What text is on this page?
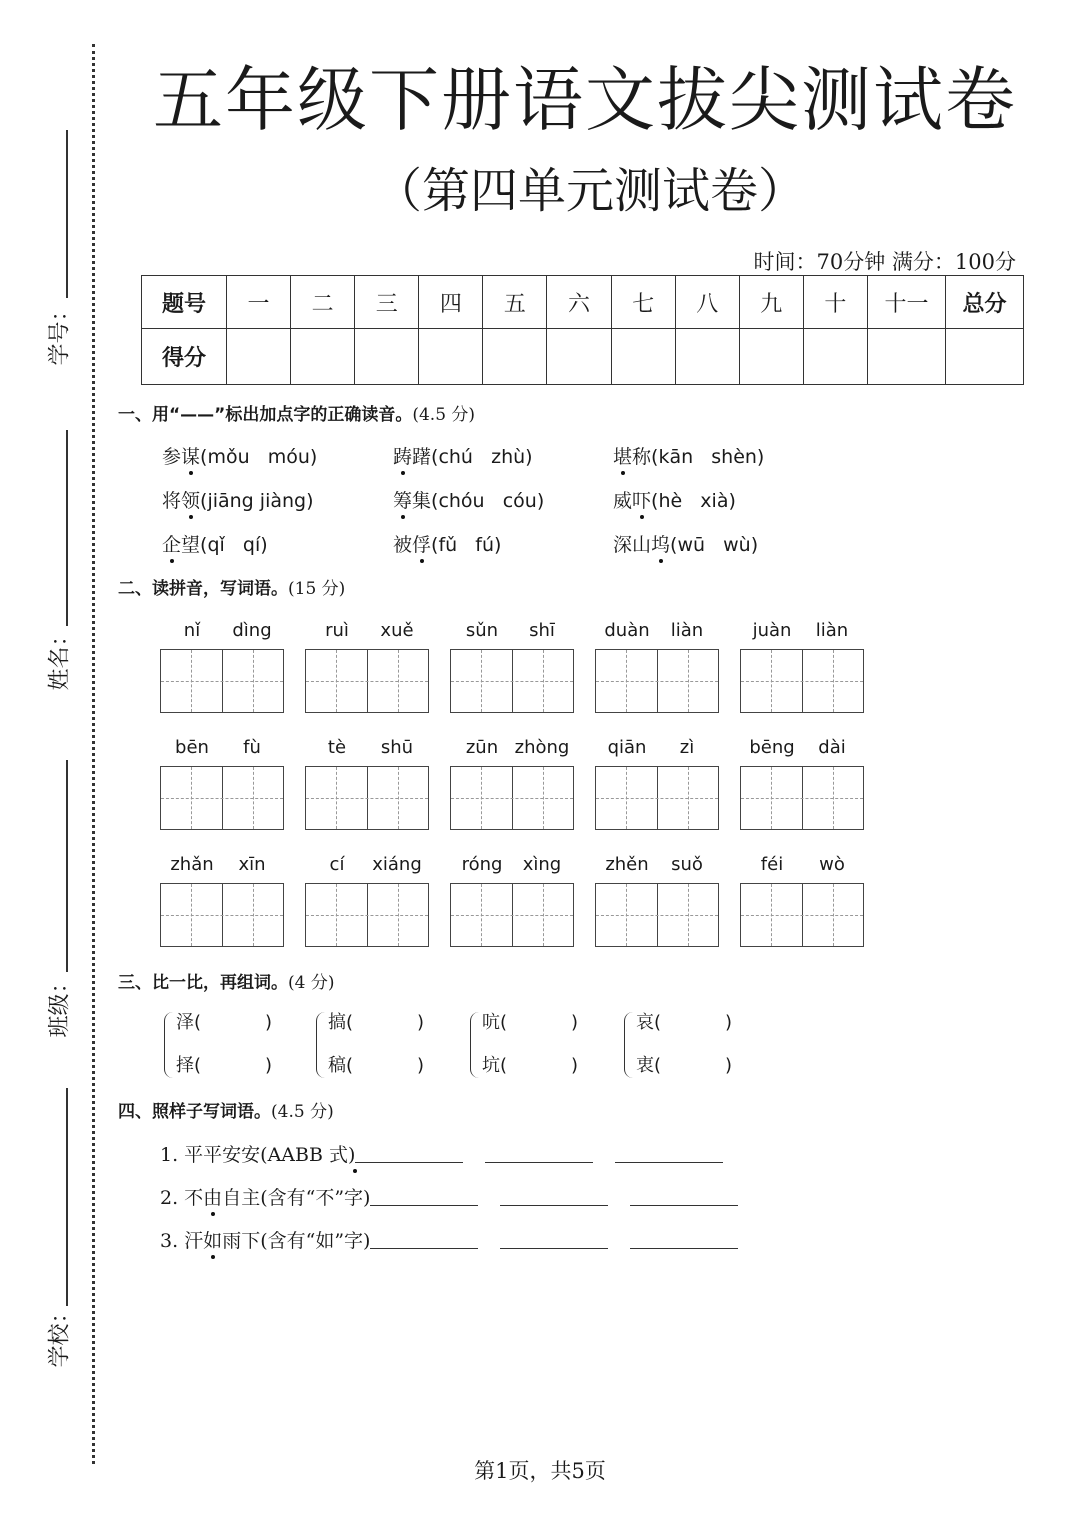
学号：
姓名：
班级：
学校：
五年级下册语文拔尖测试卷
（第四单元测试卷）
时间：70分钟 满分：100分
题号	一	二	三	四	五	六	七	八	九	十	十一	总分
得分												
一、用“——”标出加点字的正确读音。(4.5 分)
参谋(mǒu   móu)	踌躇(chú   zhù)	堪称(kān   shèn)
将领(jiāng jiàng)	筹集(chóu   cóu)	威吓(hè   xià)
企望(qǐ   qí)	被俘(fǔ   fú)	深山坞(wū   wù)
二、读拼音，写词语。(15 分)
nǐ dìng	ruì xuě	sǔn shī	duàn liàn	juàn liàn
bēn fù	tè shū	zūn zhòng	qiān zì	bēng dài
zhǎn xīn	cí xiáng	róng xìng	zhěn suǒ	féi wò
三、比一比，再组词。(4 分)
泽(	)
择(	)
搞(	)
稿(	)
吭(	)
坑(	)
哀(	)
衷(	)
四、照样子写词语。(4.5 分)
1. 平平安安(AABB 式)
2. 不由自主(含有“不”字)
3. 汗如雨下(含有“如”字)
第1页，共5页
